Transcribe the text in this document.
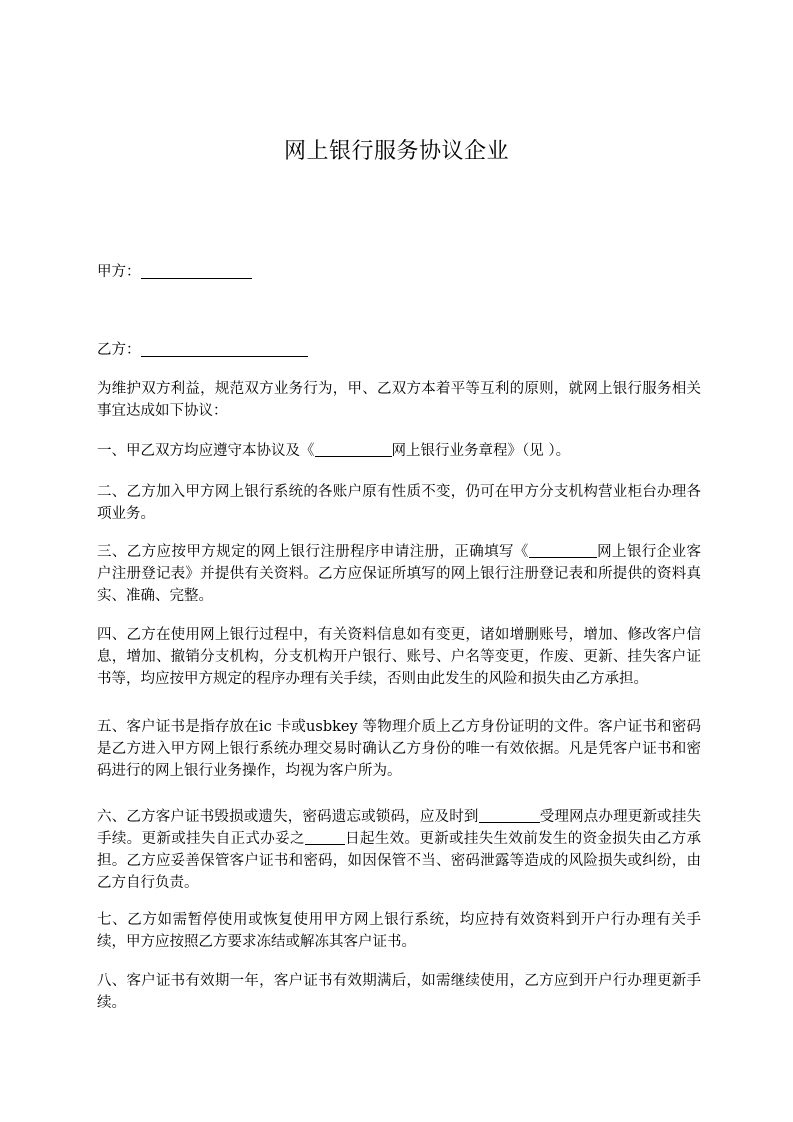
网上银行服务协议企业
甲方：
乙方：

为维护双方利益，规范双方业务行为，甲、乙双方本着平等互利的原则，就网上银行服务相关事宜达成如下协议：

一、甲乙双方均应遵守本协议及《	网上银行业务章程》（见 ）。

二、乙方加入甲方网上银行系统的各账户原有性质不变，仍可在甲方分支机构营业柜台办理各项业务。

三、乙方应按甲方规定的网上银行注册程序申请注册，正确填写《	网上银行企业客户注册登记表》并提供有关资料。乙方应保证所填写的网上银行注册登记表和所提供的资料真实、准确、完整。

四、乙方在使用网上银行过程中，有关资料信息如有变更，诸如增删账号，增加、修改客户信息，增加、撤销分支机构，分支机构开户银行、账号、户名等变更，作废、更新、挂失客户证书等，均应按甲方规定的程序办理有关手续，否则由此发生的风险和损失由乙方承担。

五、客户证书是指存放在ic 卡或usbkey 等物理介质上乙方身份证明的文件。客户证书和密码是乙方进入甲方网上银行系统办理交易时确认乙方身份的唯一有效依据。凡是凭客户证书和密码进行的网上银行业务操作，均视为客户所为。

六、乙方客户证书毁损或遗失，密码遗忘或锁码，应及时到	受理网点办理更新或挂失手续。更新或挂失自正式办妥之	日起生效。更新或挂失生效前发生的资金损失由乙方承担。乙方应妥善保管客户证书和密码，如因保管不当、密码泄露等造成的风险损失或纠纷，由乙方自行负责。

七、乙方如需暂停使用或恢复使用甲方网上银行系统，均应持有效资料到开户行办理有关手续，甲方应按照乙方要求冻结或解冻其客户证书。

八、客户证书有效期一年，客户证书有效期满后，如需继续使用，乙方应到开户行办理更新手续。
